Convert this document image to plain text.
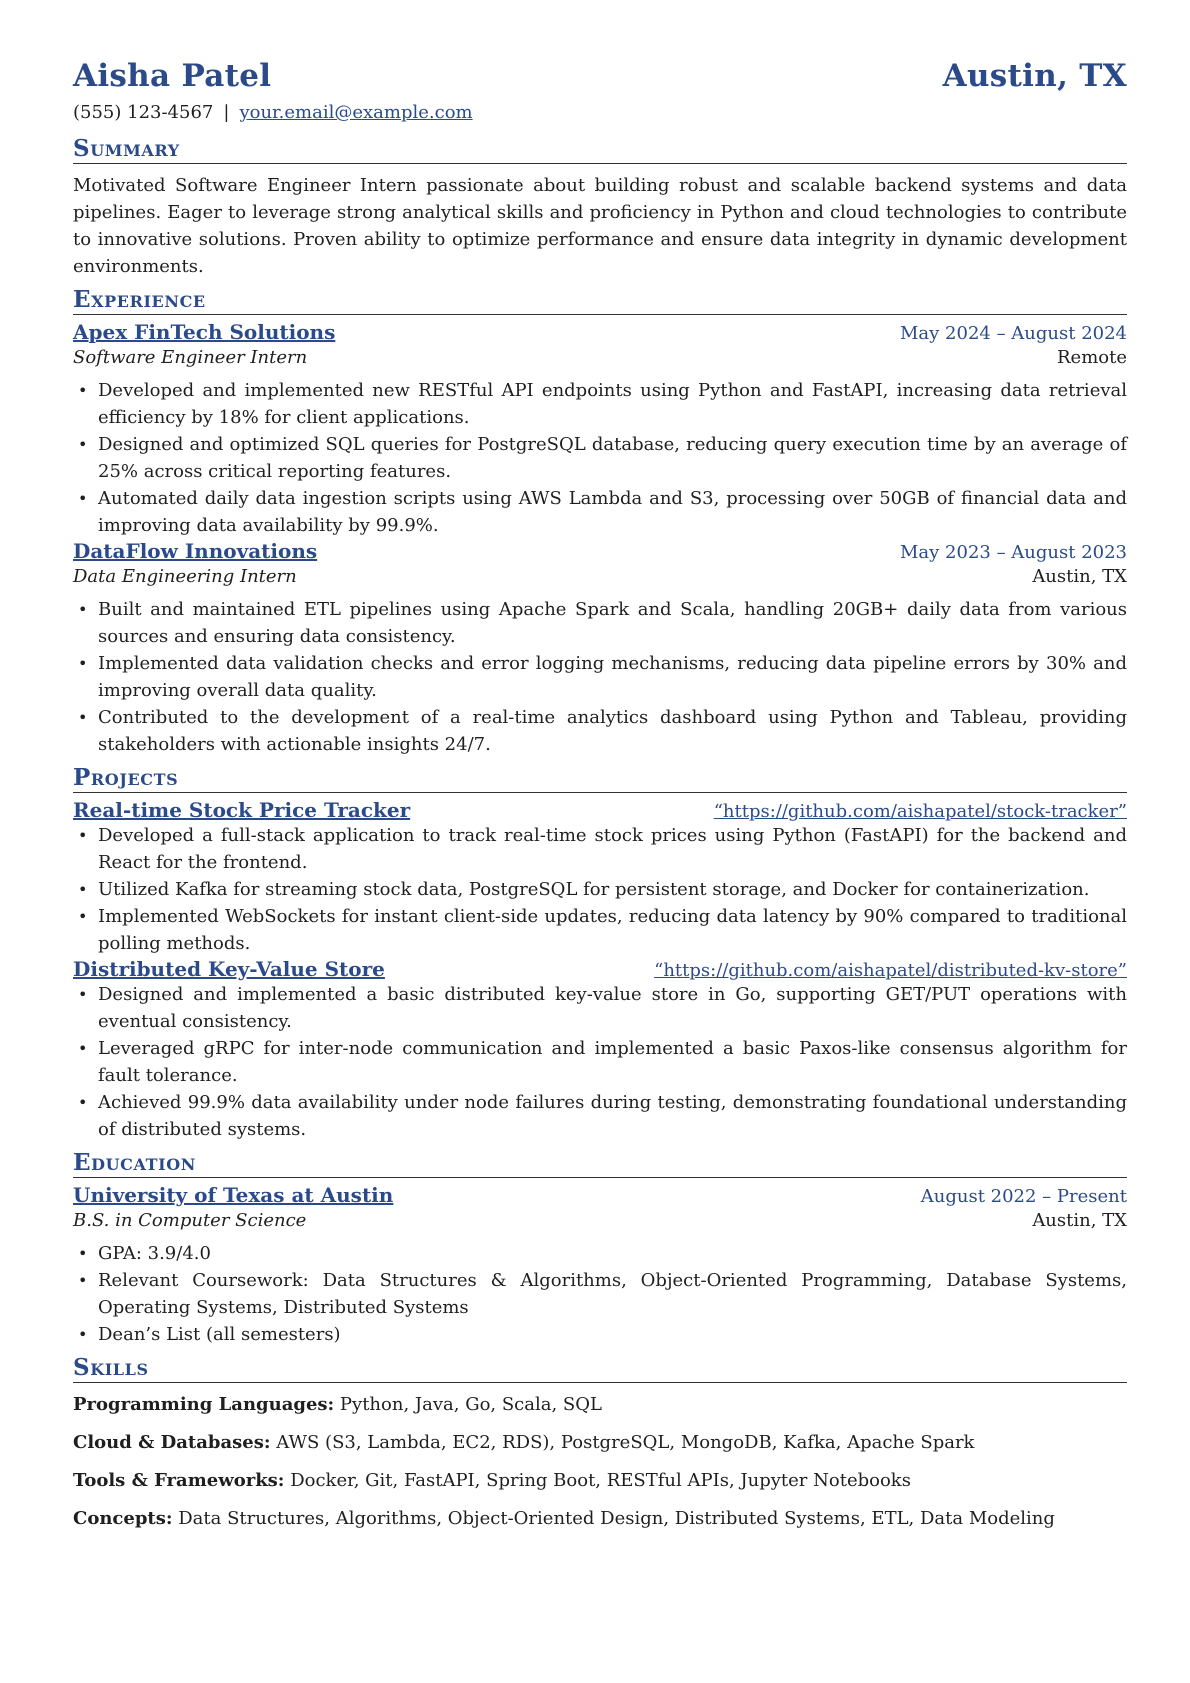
Aisha Patel	Austin, TX
(555) 123-4567 | your.email@example.com
Summary
Motivated Software Engineer Intern passionate about building robust and scalable backend systems and data pipelines. Eager to leverage strong analytical skills and proficiency in Python and cloud technologies to contribute to innovative solutions. Proven ability to optimize performance and ensure data integrity in dynamic development environments.
Experience
Apex FinTech Solutions	May 2024 – August 2024
Software Engineer Intern	Remote
• Developed and implemented new RESTful API endpoints using Python and FastAPI, increasing data retrieval efficiency by 18% for client applications.
• Designed and optimized SQL queries for PostgreSQL database, reducing query execution time by an average of 25% across critical reporting features.
• Automated daily data ingestion scripts using AWS Lambda and S3, processing over 50GB of financial data and improving data availability by 99.9%.
DataFlow Innovations	May 2023 – August 2023
Data Engineering Intern	Austin, TX
• Built and maintained ETL pipelines using Apache Spark and Scala, handling 20GB+ daily data from various sources and ensuring data consistency.
• Implemented data validation checks and error logging mechanisms, reducing data pipeline errors by 30% and improving overall data quality.
• Contributed to the development of a real-time analytics dashboard using Python and Tableau, providing stakeholders with actionable insights 24/7.
Projects
Real-time Stock Price Tracker	“https://github.com/aishapatel/stock-tracker”
• Developed a full-stack application to track real-time stock prices using Python (FastAPI) for the backend and React for the frontend.
• Utilized Kafka for streaming stock data, PostgreSQL for persistent storage, and Docker for containerization.
• Implemented WebSockets for instant client-side updates, reducing data latency by 90% compared to traditional polling methods.
Distributed Key-Value Store	“https://github.com/aishapatel/distributed-kv-store”
• Designed and implemented a basic distributed key-value store in Go, supporting GET/PUT operations with eventual consistency.
• Leveraged gRPC for inter-node communication and implemented a basic Paxos-like consensus algorithm for fault tolerance.
• Achieved 99.9% data availability under node failures during testing, demonstrating foundational understanding of distributed systems.
Education
University of Texas at Austin	August 2022 – Present
B.S. in Computer Science	Austin, TX
• GPA: 3.9/4.0
• Relevant Coursework: Data Structures & Algorithms, Object-Oriented Programming, Database Systems, Operating Systems, Distributed Systems
• Dean’s List (all semesters)
Skills
Programming Languages: Python, Java, Go, Scala, SQL
Cloud & Databases: AWS (S3, Lambda, EC2, RDS), PostgreSQL, MongoDB, Kafka, Apache Spark
Tools & Frameworks: Docker, Git, FastAPI, Spring Boot, RESTful APIs, Jupyter Notebooks
Concepts: Data Structures, Algorithms, Object-Oriented Design, Distributed Systems, ETL, Data Modeling
